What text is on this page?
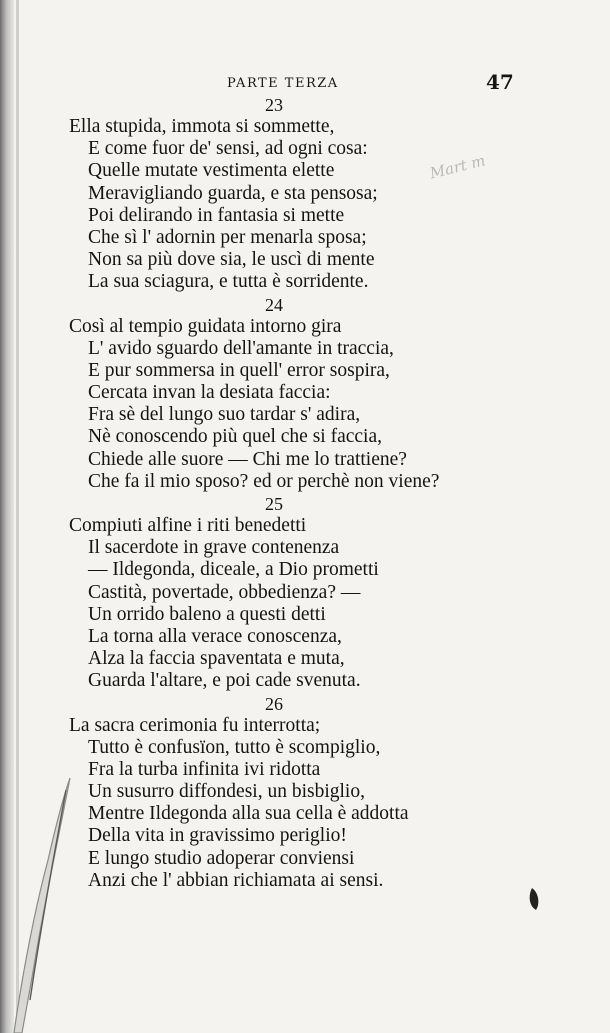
PARTE TERZA	47
Mart m
23
Ella stupida, immota si sommette,
E come fuor de' sensi, ad ogni cosa:
Quelle mutate vestimenta elette
Meravigliando guarda, e sta pensosa;
Poi delirando in fantasia si mette
Che sì l' adornin per menarla sposa;
Non sa più dove sia, le uscì di mente
La sua sciagura, e tutta è sorridente.
24
Così al tempio guidata intorno gira
L' avido sguardo dell'amante in traccia,
E pur sommersa in quell' error sospira,
Cercata invan la desiata faccia:
Fra sè del lungo suo tardar s' adira,
Nè conoscendo più quel che si faccia,
Chiede alle suore — Chi me lo trattiene?
Che fa il mio sposo? ed or perchè non viene?
25
Compiuti alfine i riti benedetti
Il sacerdote in grave contenenza
— Ildegonda, diceale, a Dio prometti
Castità, povertade, obbedienza? —
Un orrido baleno a questi detti
La torna alla verace conoscenza,
Alza la faccia spaventata e muta,
Guarda l'altare, e poi cade svenuta.
26
La sacra cerimonia fu interrotta;
Tutto è confusïon, tutto è scompiglio,
Fra la turba infinita ivi ridotta
Un susurro diffondesi, un bisbiglio,
Mentre Ildegonda alla sua cella è addotta
Della vita in gravissimo periglio!
E lungo studio adoperar conviensi
Anzi che l' abbian richiamata ai sensi.
